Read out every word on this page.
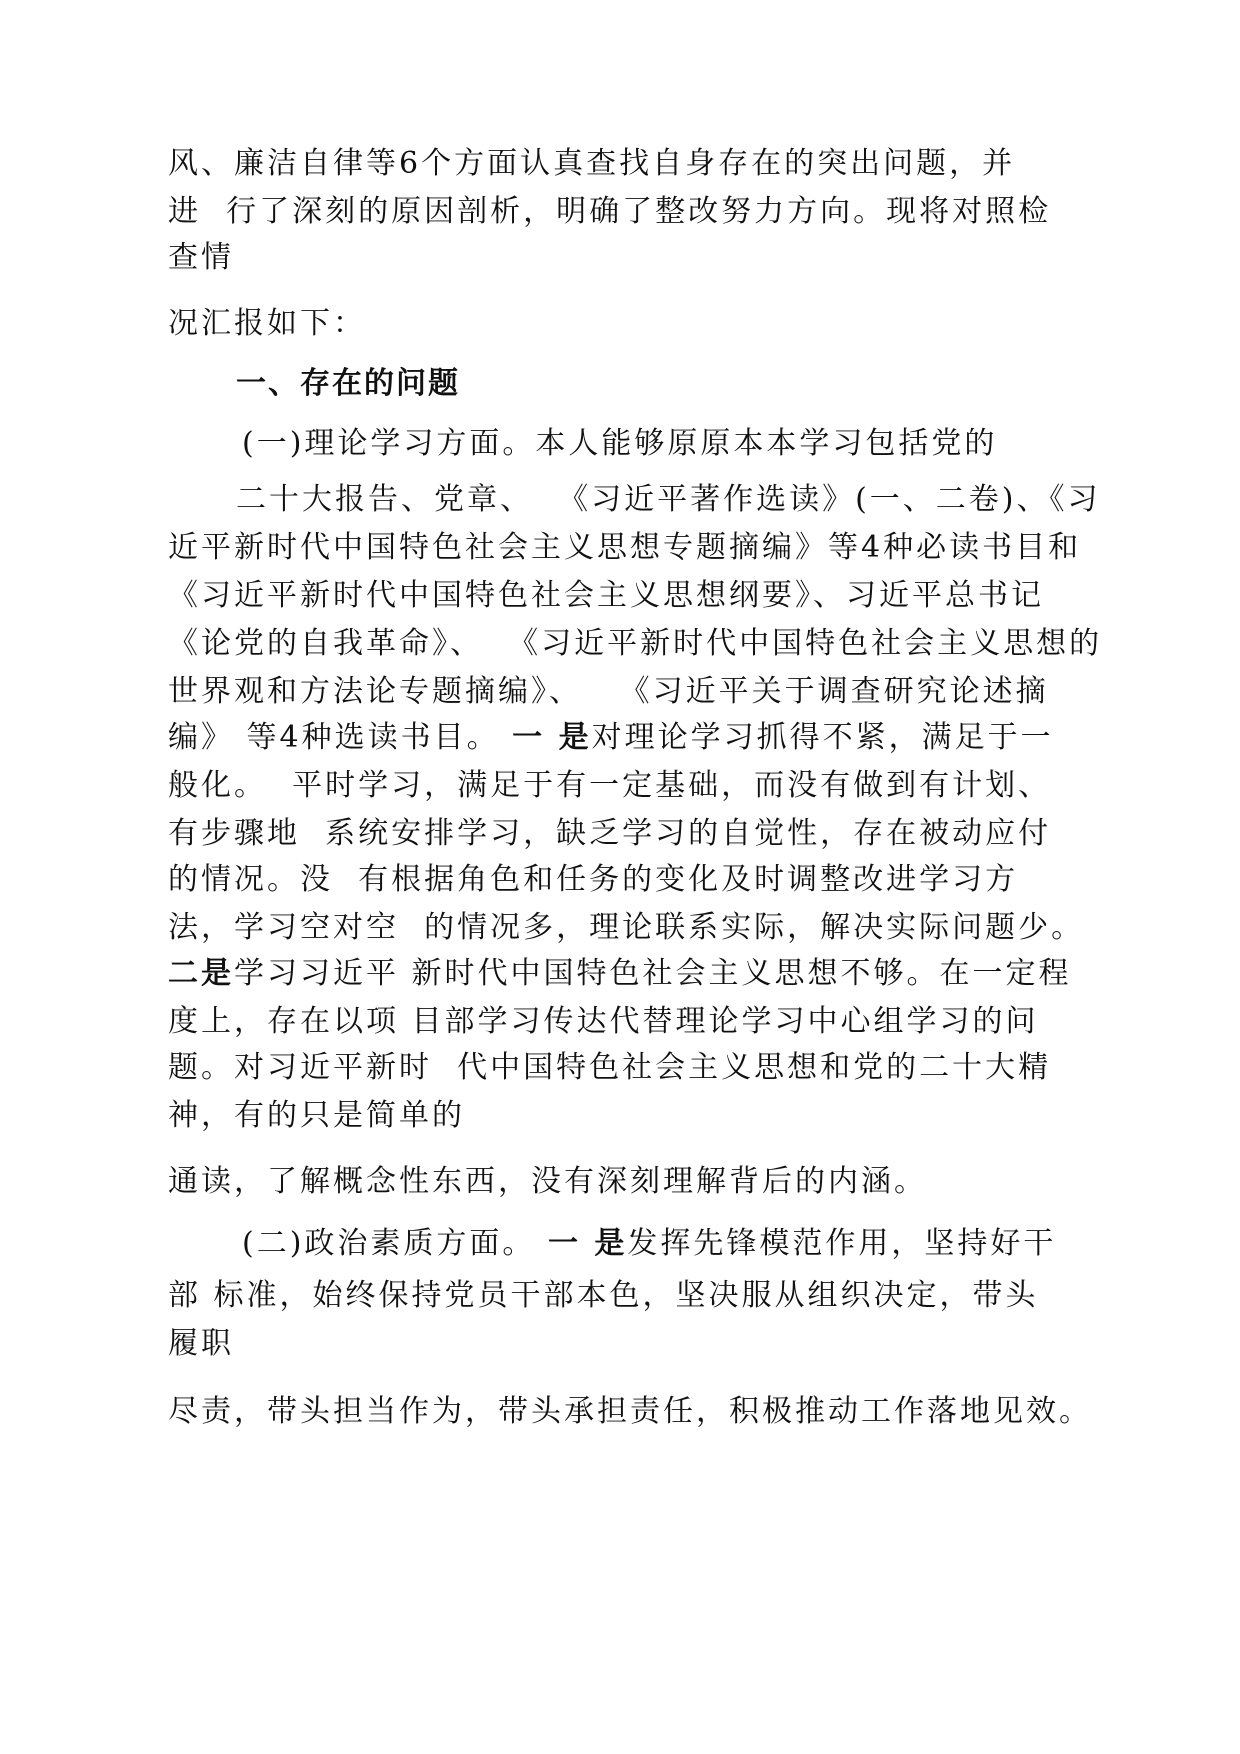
风、廉洁自律等6个方面认真查找自身存在的突出问题，并
进  行了深刻的原因剖析，明确了整改努力方向。现将对照检
查情
况汇报如下：
一、存在的问题
(一)理论学习方面。本人能够原原本本学习包括党的
二十大报告、党章、  《习近平著作选读》(一、二卷)、《习
近平新时代中国特色社会主义思想专题摘编》等4种必读书目和
《习近平新时代中国特色社会主义思想纲要》、习近平总书记
《论党的自我革命》、  《习近平新时代中国特色社会主义思想的
世界观和方法论专题摘编》、   《习近平关于调查研究论述摘
编》 等4种选读书目。 一 是对理论学习抓得不紧，满足于一
般化。  平时学习，满足于有一定基础，而没有做到有计划、
有步骤地  系统安排学习，缺乏学习的自觉性，存在被动应付
的情况。没  有根据角色和任务的变化及时调整改进学习方
法，学习空对空  的情况多，理论联系实际，解决实际问题少。
二是学习习近平 新时代中国特色社会主义思想不够。在一定程
度上，存在以项 目部学习传达代替理论学习中心组学习的问
题。对习近平新时  代中国特色社会主义思想和党的二十大精
神，有的只是简单的
通读，了解概念性东西，没有深刻理解背后的内涵。
(二)政治素质方面。 一 是发挥先锋模范作用，坚持好干
部 标准，始终保持党员干部本色，坚决服从组织决定，带头
履职
尽责，带头担当作为，带头承担责任，积极推动工作落地见效。
